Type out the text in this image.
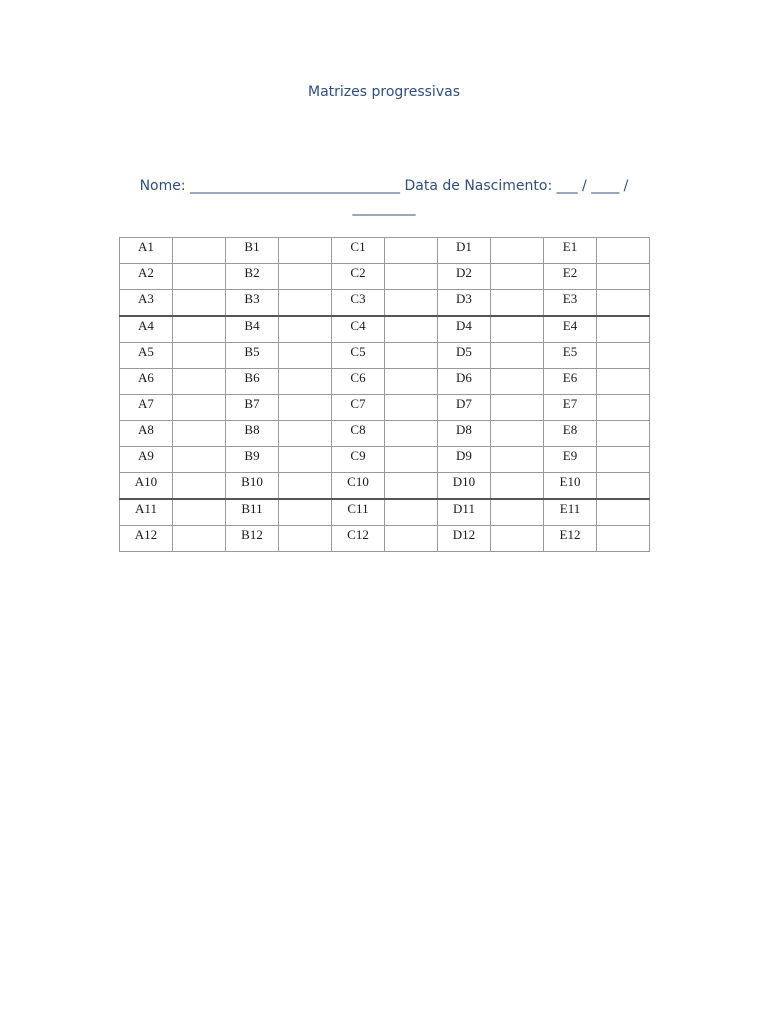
Matrizes progressivas
Nome: ______________________________ Data de Nascimento: ___ / ____ / _________
A1		B1		C1		D1		E1	
A2		B2		C2		D2		E2	
A3		B3		C3		D3		E3	
A4		B4		C4		D4		E4	
A5		B5		C5		D5		E5	
A6		B6		C6		D6		E6	
A7		B7		C7		D7		E7	
A8		B8		C8		D8		E8	
A9		B9		C9		D9		E9	
A10		B10		C10		D10		E10	
A11		B11		C11		D11		E11	
A12		B12		C12		D12		E12	
